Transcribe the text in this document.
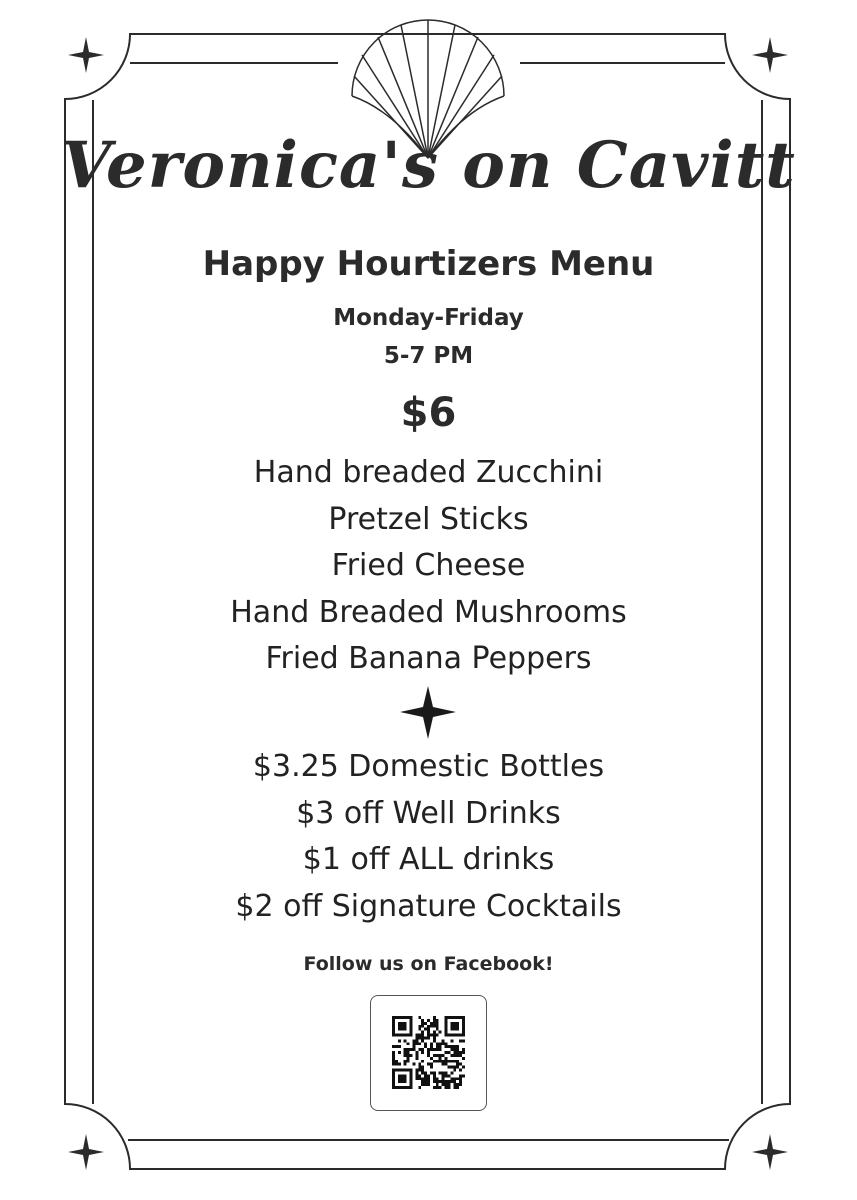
Veronica's on Cavitt
Happy Hourtizers Menu
Monday-Friday
5-7 PM
$6
Hand breaded Zucchini
Pretzel Sticks
Fried Cheese
Hand Breaded Mushrooms
Fried Banana Peppers
$3.25 Domestic Bottles
$3 off Well Drinks
$1 off ALL drinks
$2 off Signature Cocktails
Follow us on Facebook!
